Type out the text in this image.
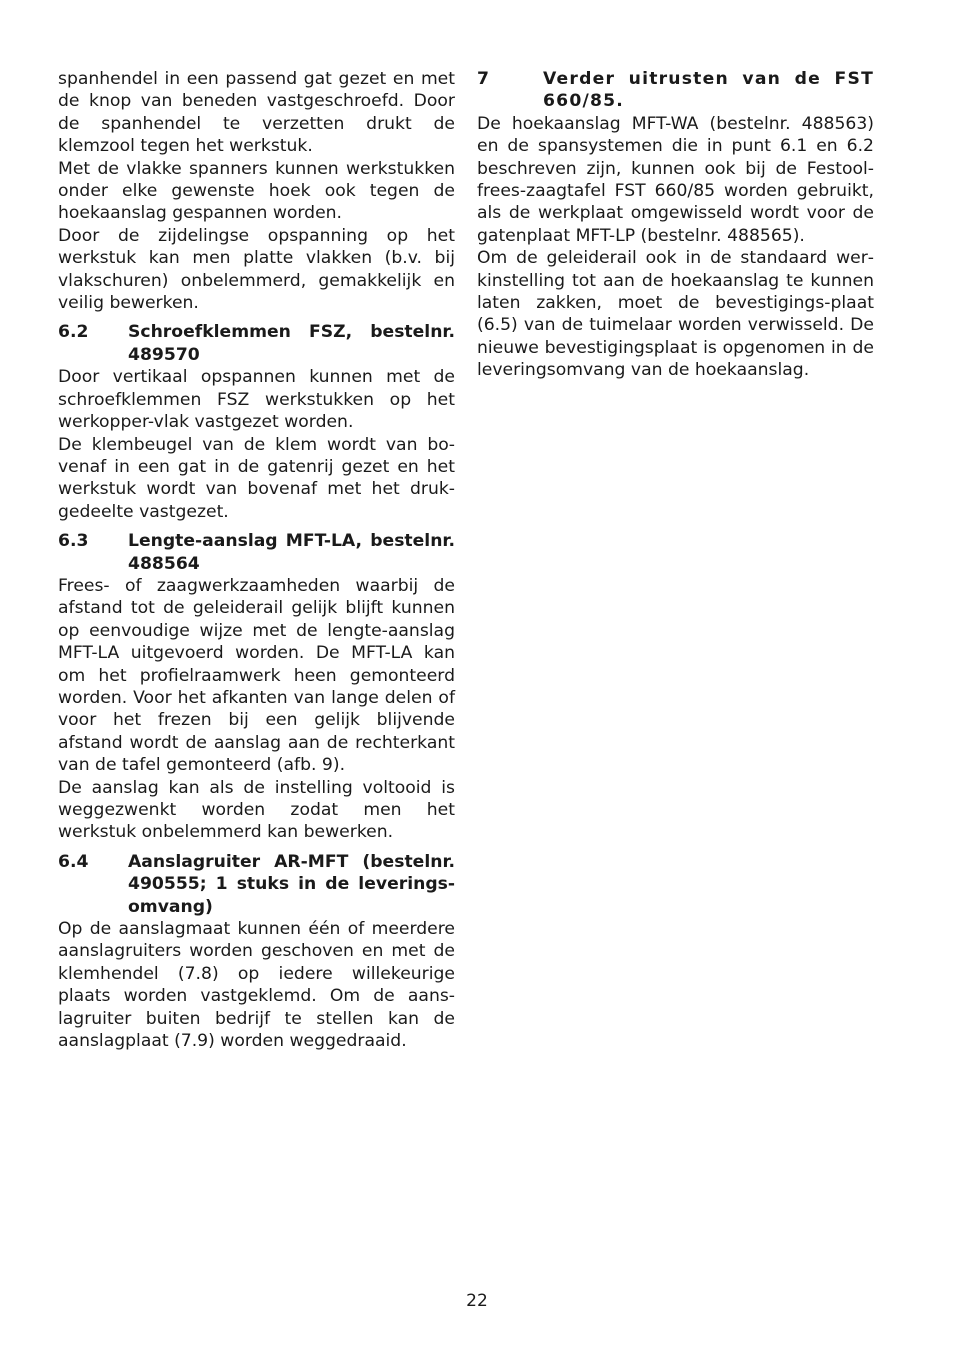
spanhendel in een passend gat gezet en met de knop van beneden vastgeschroefd. Door de spanhendel te verzetten drukt de klemzool tegen het werkstuk.

Met de vlakke spanners kunnen werkstukken onder elke gewenste hoek ook tegen de hoekaanslag gespannen worden.

Door de zijdelingse opspanning op het werkstuk kan men platte vlakken (b.v. bij vlakschuren) onbelemmerd, gemakkelijk en veilig bewerken.

6.2	Schroefklemmen FSZ, bestelnr. 489570

Door vertikaal opspannen kunnen met de schroefklemmen FSZ werkstukken op het werkopper-vlak vastgezet worden.

De klembeugel van de klem wordt van bovenaf in een gat in de gatenrij gezet en het werkstuk wordt van bovenaf met het drukgedeelte vastgezet.

6.3	Lengte-aanslag MFT-LA, bestelnr. 488564

Frees- of zaagwerkzaamheden waarbij de afstand tot de geleiderail gelijk blijft kunnen op eenvoudige wijze met de lengte-aanslag MFT-LA uitgevoerd worden. De MFT-LA kan om het profielraamwerk heen gemonteerd worden. Voor het afkanten van lange delen of voor het frezen bij een gelijk blijvende afstand wordt de aanslag aan de rechterkant van de tafel gemonteerd (afb. 9).

De aanslag kan als de instelling voltooid is weggezwenkt worden zodat men het werkstuk onbelemmerd kan bewerken.

6.4	Aanslagruiter AR-MFT (bestelnr. 490555; 1 stuks in de leveringsomvang)

Op de aanslagmaat kunnen één of meerdere aanslagruiters worden geschoven en met de klemhendel (7.8) op iedere willekeurige plaats worden vastgeklemd. Om de aanslagruiter buiten bedrijf te stellen kan de aanslagplaat (7.9) worden weggedraaid.

7	Verder uitrusten van de FST 660/85.

De hoekaanslag MFT-WA (bestelnr. 488563) en de spansystemen die in punt 6.1 en 6.2 beschreven zijn, kunnen ook bij de Festoolfrees-zaagtafel FST 660/85 worden gebruikt, als de werkplaat omgewisseld wordt voor de gatenplaat MFT-LP (bestelnr. 488565).

Om de geleiderail ook in de standaard werkinstelling tot aan de hoekaanslag te kunnen laten zakken, moet de bevestigings-plaat (6.5) van de tuimelaar worden verwisseld. De nieuwe bevestigingsplaat is opgenomen in de leveringsomvang van de hoekaanslag.

22
